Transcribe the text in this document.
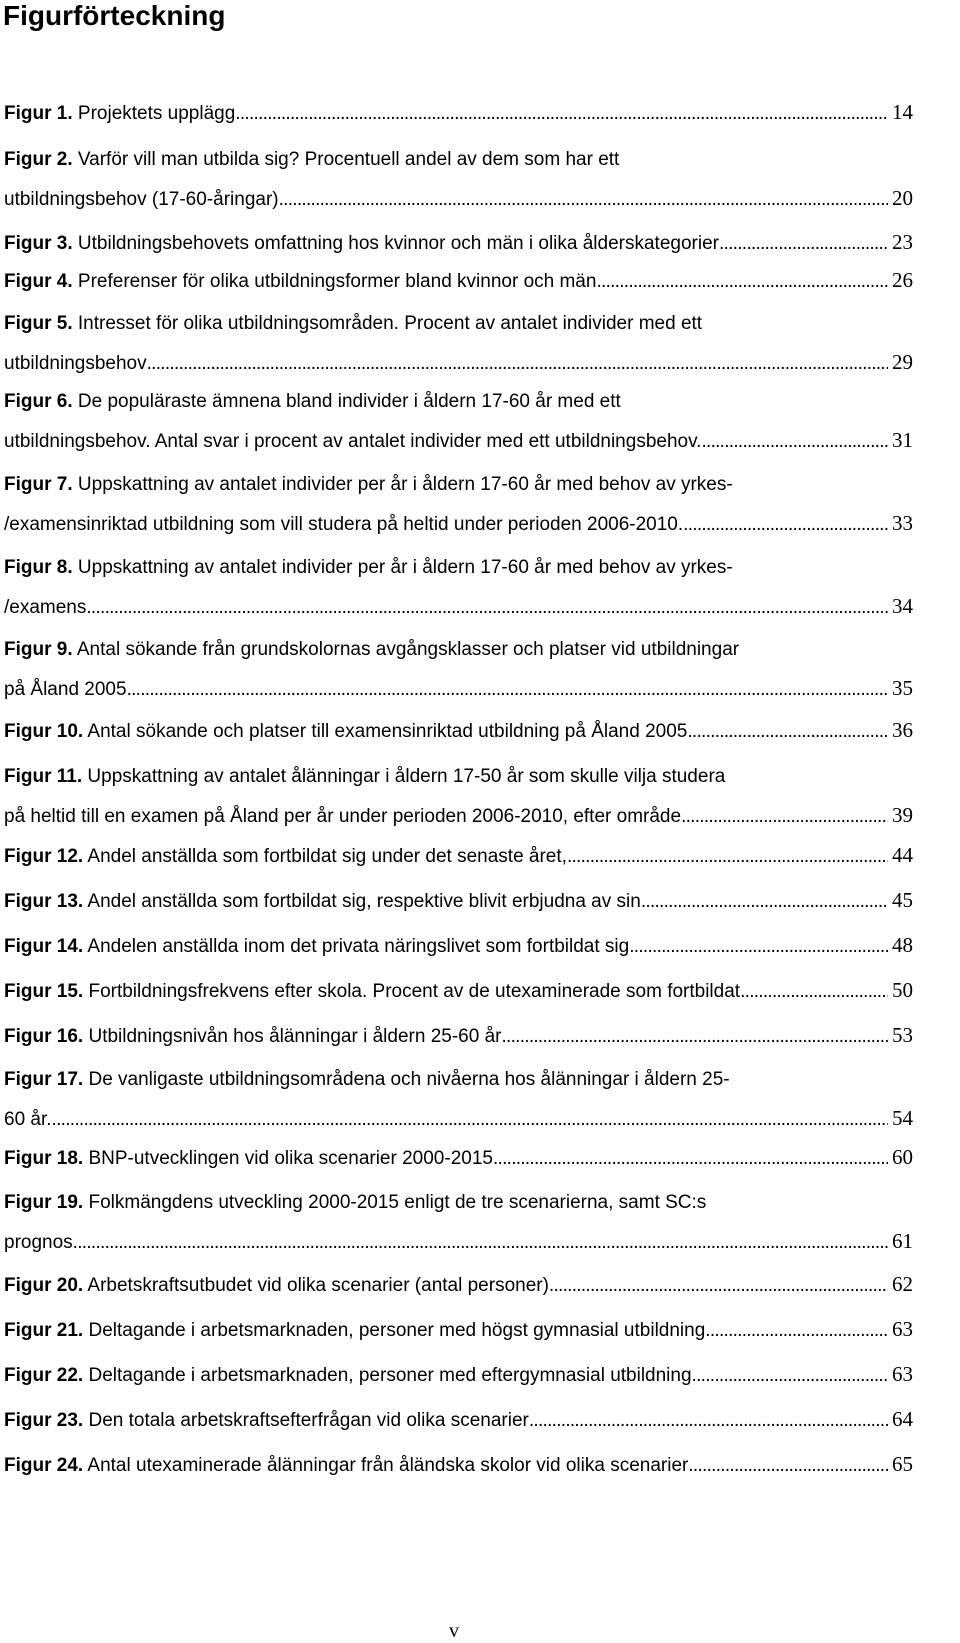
Figurförteckning
Figur 1. Projektets upplägg . . .	14
Figur 2. Varför vill man utbilda sig? Procentuell andel av dem som har ett
utbildningsbehov (17-60-åringar) . . .	20
Figur 3. Utbildningsbehovets omfattning hos kvinnor och män i olika ålderskategorier . . .	23
Figur 4. Preferenser för olika utbildningsformer bland kvinnor och män . . .	26
Figur 5. Intresset för olika utbildningsområden. Procent av antalet individer med ett
utbildningsbehov . . .	29
Figur 6. De populäraste ämnena bland individer i åldern 17-60 år med ett
utbildningsbehov. Antal svar i procent av antalet individer med ett utbildningsbehov. . . .	31
Figur 7. Uppskattning av antalet individer per år i åldern 17-60 år med behov av yrkes-
/examensinriktad utbildning som vill studera på heltid under perioden 2006-2010. . . .	33
Figur 8. Uppskattning av antalet individer per år i åldern 17-60 år med behov av yrkes-
/examens . . .	34
Figur 9. Antal sökande från grundskolornas avgångsklasser och platser vid utbildningar
på Åland 2005 . . .	35
Figur 10. Antal sökande och platser till examensinriktad utbildning på Åland 2005 . . .	36
Figur 11. Uppskattning av antalet ålänningar i åldern 17-50 år som skulle vilja studera
på heltid till en examen på Åland per år under perioden 2006-2010, efter område . . .	39
Figur 12. Andel anställda som fortbildat sig under det senaste året, . . .	44
Figur 13. Andel anställda som fortbildat sig, respektive blivit erbjudna av sin . . .	45
Figur 14. Andelen anställda inom det privata näringslivet som fortbildat sig . . .	48
Figur 15. Fortbildningsfrekvens efter skola. Procent av de utexaminerade som fortbildat . . .	50
Figur 16. Utbildningsnivån hos ålänningar i åldern 25-60 år . . .	53
Figur 17. De vanligaste utbildningsområdena och nivåerna hos ålänningar i åldern 25-
60 år. . . .	54
Figur 18. BNP-utvecklingen vid olika scenarier 2000-2015 . . .	60
Figur 19. Folkmängdens utveckling 2000-2015 enligt de tre scenarierna, samt SC:s
prognos . . .	61
Figur 20. Arbetskraftsutbudet vid olika scenarier (antal personer) . . .	62
Figur 21. Deltagande i arbetsmarknaden, personer med högst gymnasial utbildning . . .	63
Figur 22. Deltagande i arbetsmarknaden, personer med eftergymnasial utbildning . . .	63
Figur 23. Den totala arbetskraftsefterfrågan vid olika scenarier . . .	64
Figur 24. Antal utexaminerade ålänningar från åländska skolor vid olika scenarier . . .	65
v
